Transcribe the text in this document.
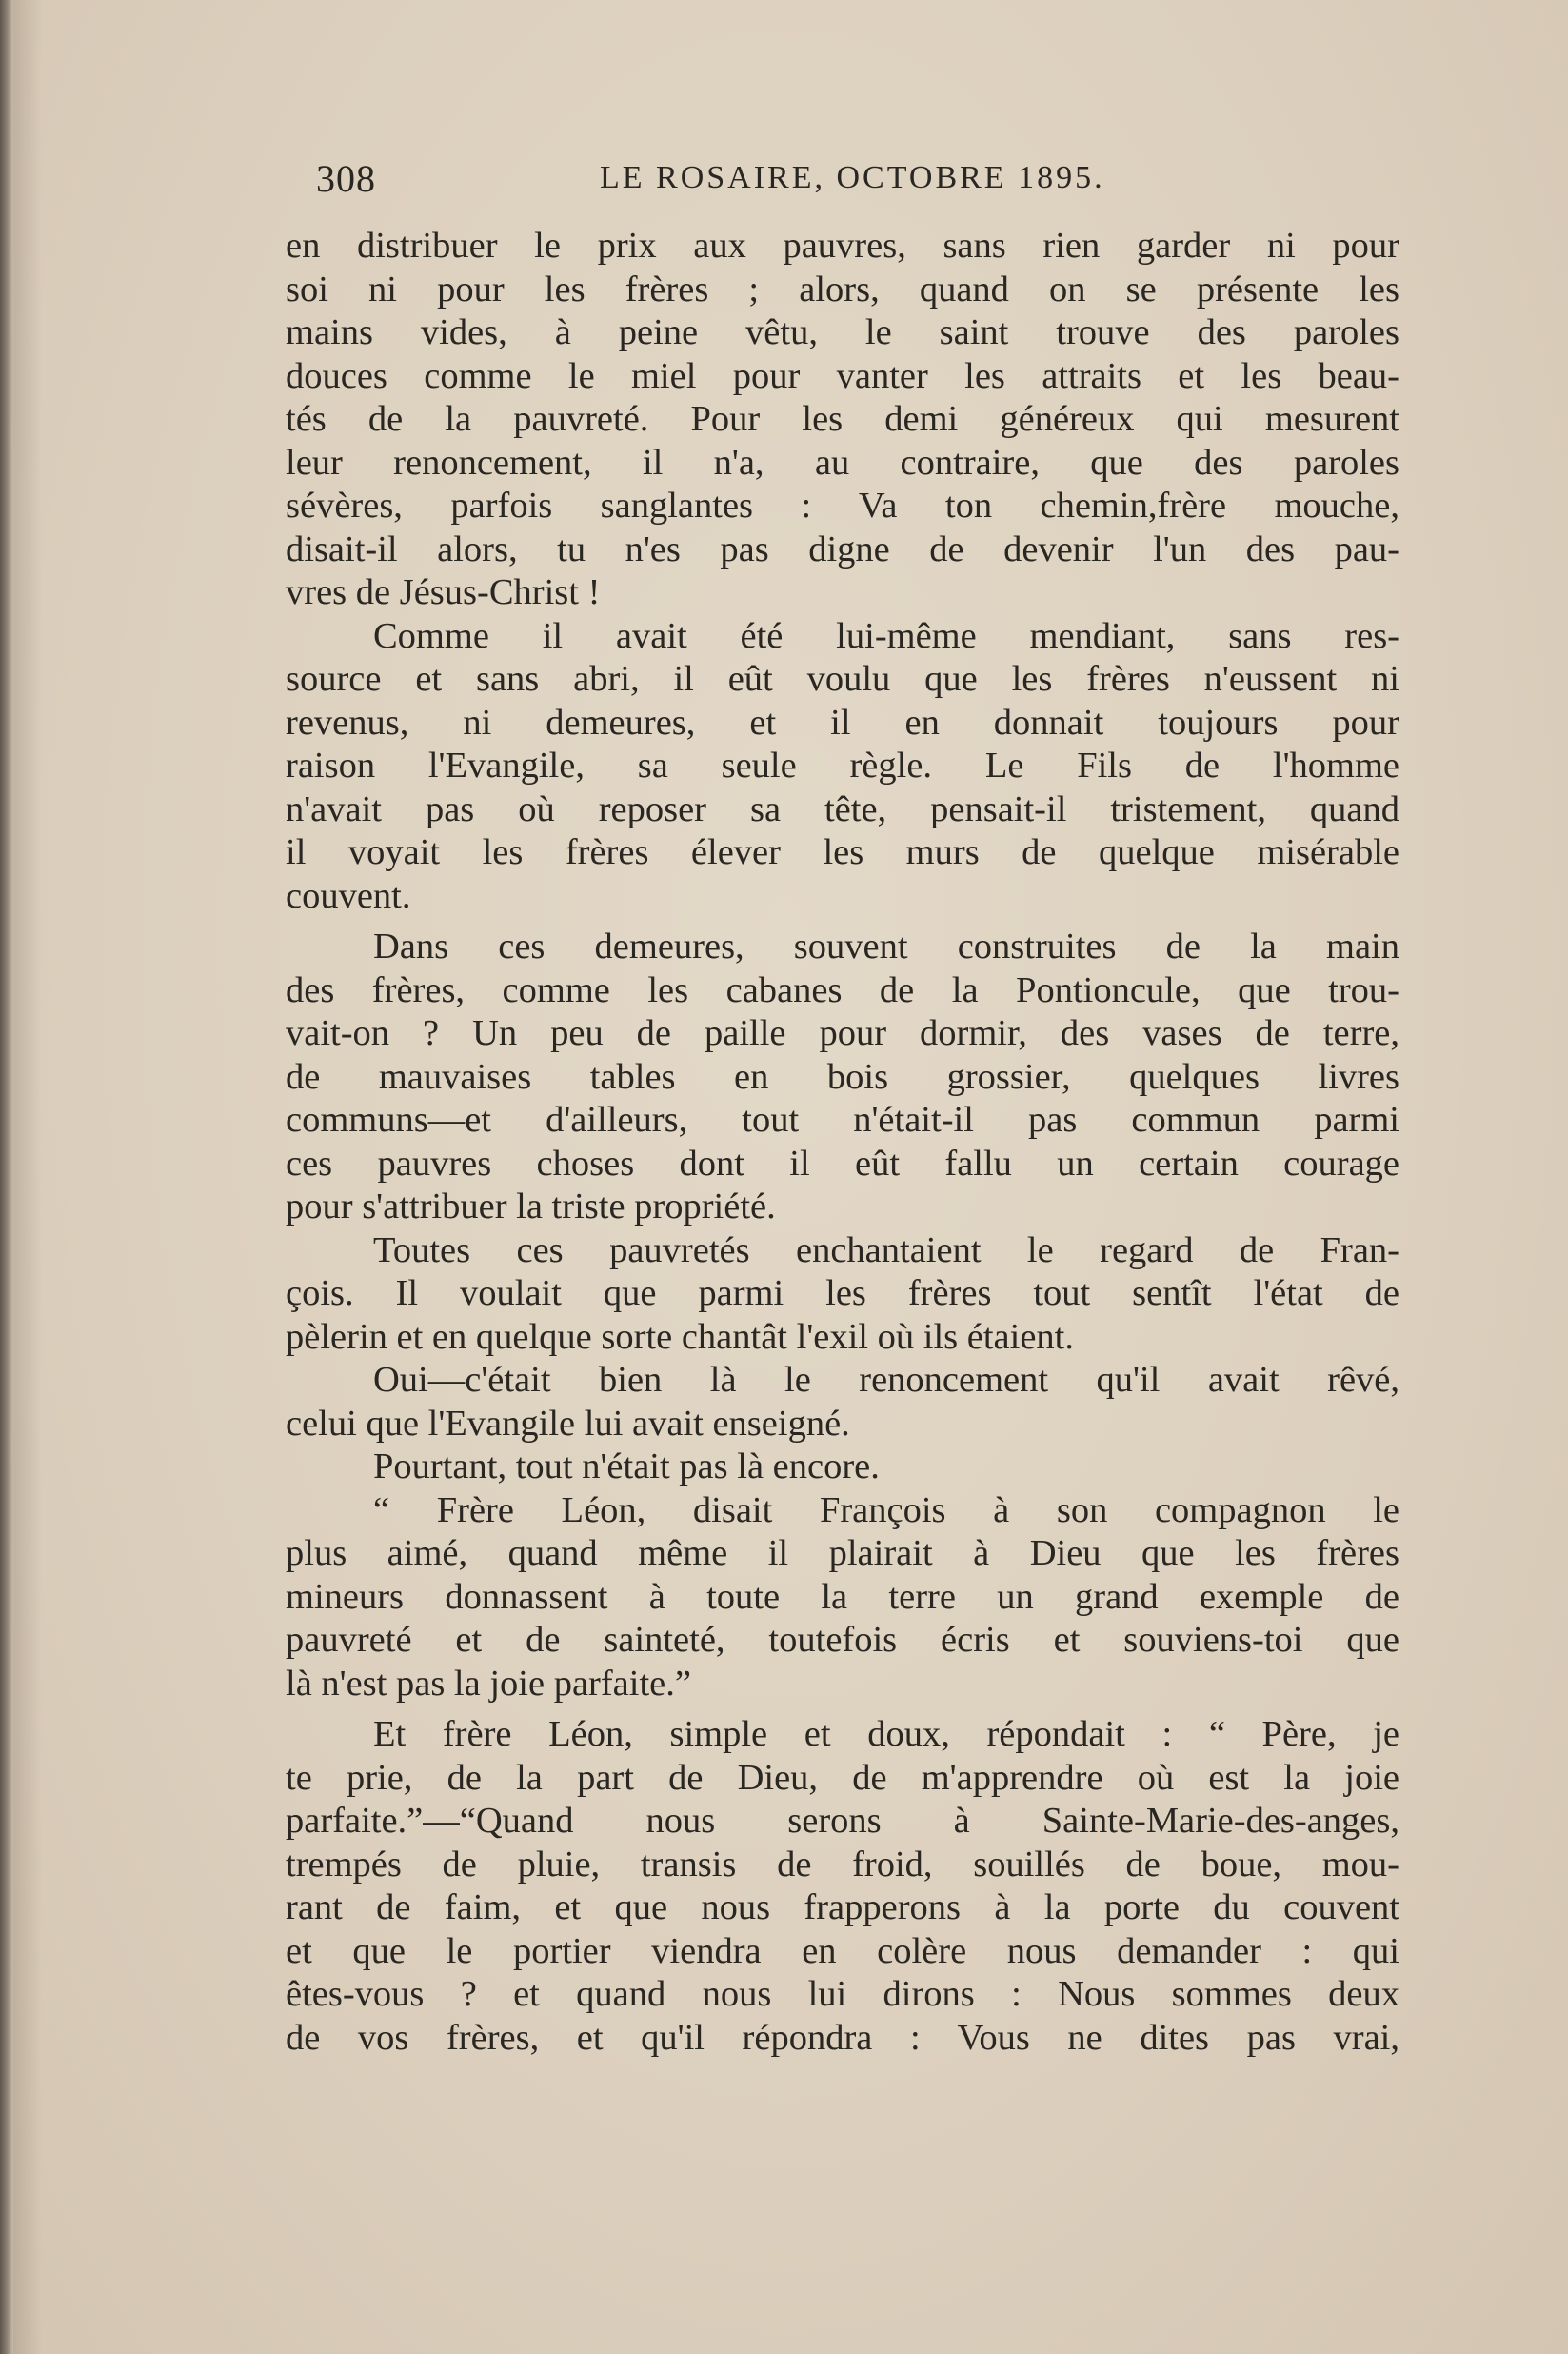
308	LE ROSAIRE, OCTOBRE 1895.
en distribuer le prix aux pauvres, sans rien garder ni pour
soi ni pour les frères ; alors, quand on se présente les
mains vides, à peine vêtu, le saint trouve des paroles
douces comme le miel pour vanter les attraits et les beau-
tés de la pauvreté. Pour les demi généreux qui mesurent
leur renoncement, il n'a, au contraire, que des paroles
sévères, parfois sanglantes : Va ton chemin,frère mouche,
disait-il alors, tu n'es pas digne de devenir l'un des pau-
vres de Jésus-Christ !
Comme il avait été lui-même mendiant, sans res-
source et sans abri, il eût voulu que les frères n'eussent ni
revenus, ni demeures, et il en donnait toujours pour
raison l'Evangile, sa seule règle. Le Fils de l'homme
n'avait pas où reposer sa tête, pensait-il tristement, quand
il voyait les frères élever les murs de quelque misérable
couvent.
Dans ces demeures, souvent construites de la main
des frères, comme les cabanes de la Pontioncule, que trou-
vait-on ? Un peu de paille pour dormir, des vases de terre,
de mauvaises tables en bois grossier, quelques livres
communs—et d'ailleurs, tout n'était-il pas commun parmi
ces pauvres choses dont il eût fallu un certain courage
pour s'attribuer la triste propriété.
Toutes ces pauvretés enchantaient le regard de Fran-
çois. Il voulait que parmi les frères tout sentît l'état de
pèlerin et en quelque sorte chantât l'exil où ils étaient.
Oui—c'était bien là le renoncement qu'il avait rêvé,
celui que l'Evangile lui avait enseigné.
Pourtant, tout n'était pas là encore.
“ Frère Léon, disait François à son compagnon le
plus aimé, quand même il plairait à Dieu que les frères
mineurs donnassent à toute la terre un grand exemple de
pauvreté et de sainteté, toutefois écris et souviens-toi que
là n'est pas la joie parfaite.”
Et frère Léon, simple et doux, répondait : “ Père, je
te prie, de la part de Dieu, de m'apprendre où est la joie
parfaite.”—“Quand nous serons à Sainte-Marie-des-anges,
trempés de pluie, transis de froid, souillés de boue, mou-
rant de faim, et que nous frapperons à la porte du couvent
et que le portier viendra en colère nous demander : qui
êtes-vous ? et quand nous lui dirons : Nous sommes deux
de vos frères, et qu'il répondra : Vous ne dites pas vrai,
